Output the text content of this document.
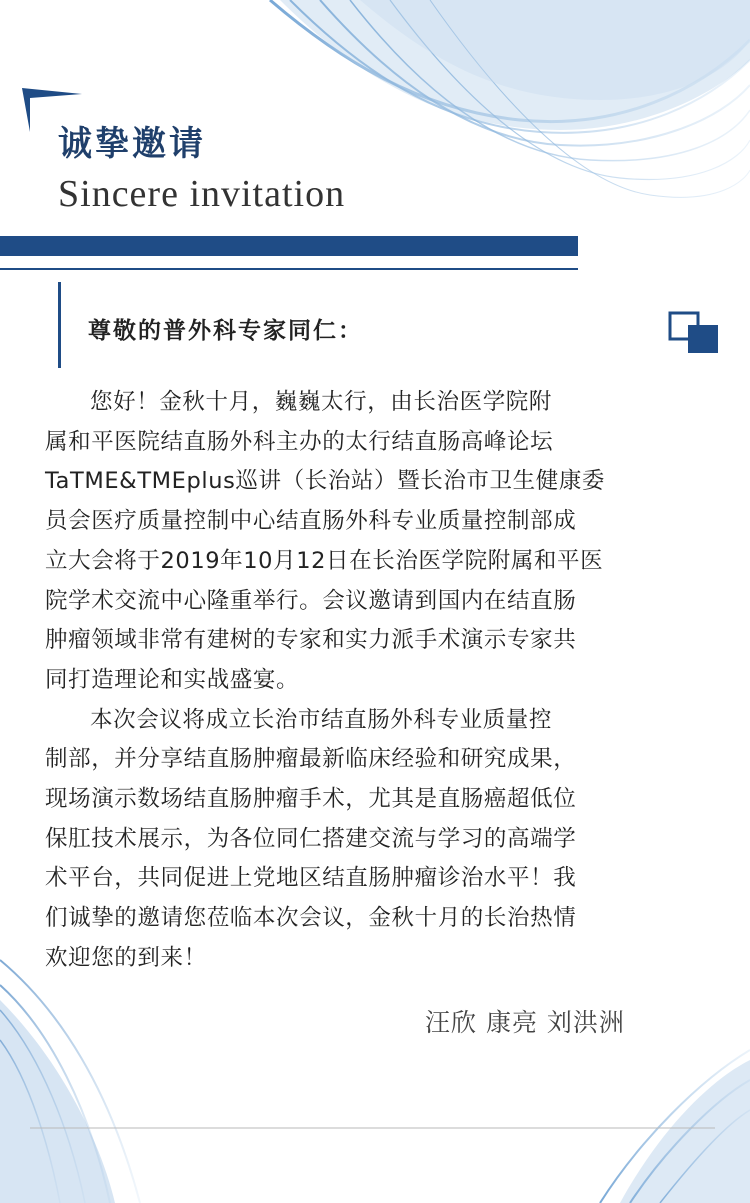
诚挚邀请
Sincere invitation
尊敬的普外科专家同仁：

您好！金秋十月，巍巍太行，由长治医学院附
属和平医院结直肠外科主办的太行结直肠高峰论坛
TaTME&TMEplus巡讲（长治站）暨长治市卫生健康委
员会医疗质量控制中心结直肠外科专业质量控制部成
立大会将于2019年10月12日在长治医学院附属和平医
院学术交流中心隆重举行。会议邀请到国内在结直肠
肿瘤领域非常有建树的专家和实力派手术演示专家共
同打造理论和实战盛宴。

本次会议将成立长治市结直肠外科专业质量控
制部，并分享结直肠肿瘤最新临床经验和研究成果，
现场演示数场结直肠肿瘤手术，尤其是直肠癌超低位
保肛技术展示，为各位同仁搭建交流与学习的高端学
术平台，共同促进上党地区结直肠肿瘤诊治水平！我
们诚挚的邀请您莅临本次会议，金秋十月的长治热情
欢迎您的到来！

汪欣 康亮 刘洪洲
